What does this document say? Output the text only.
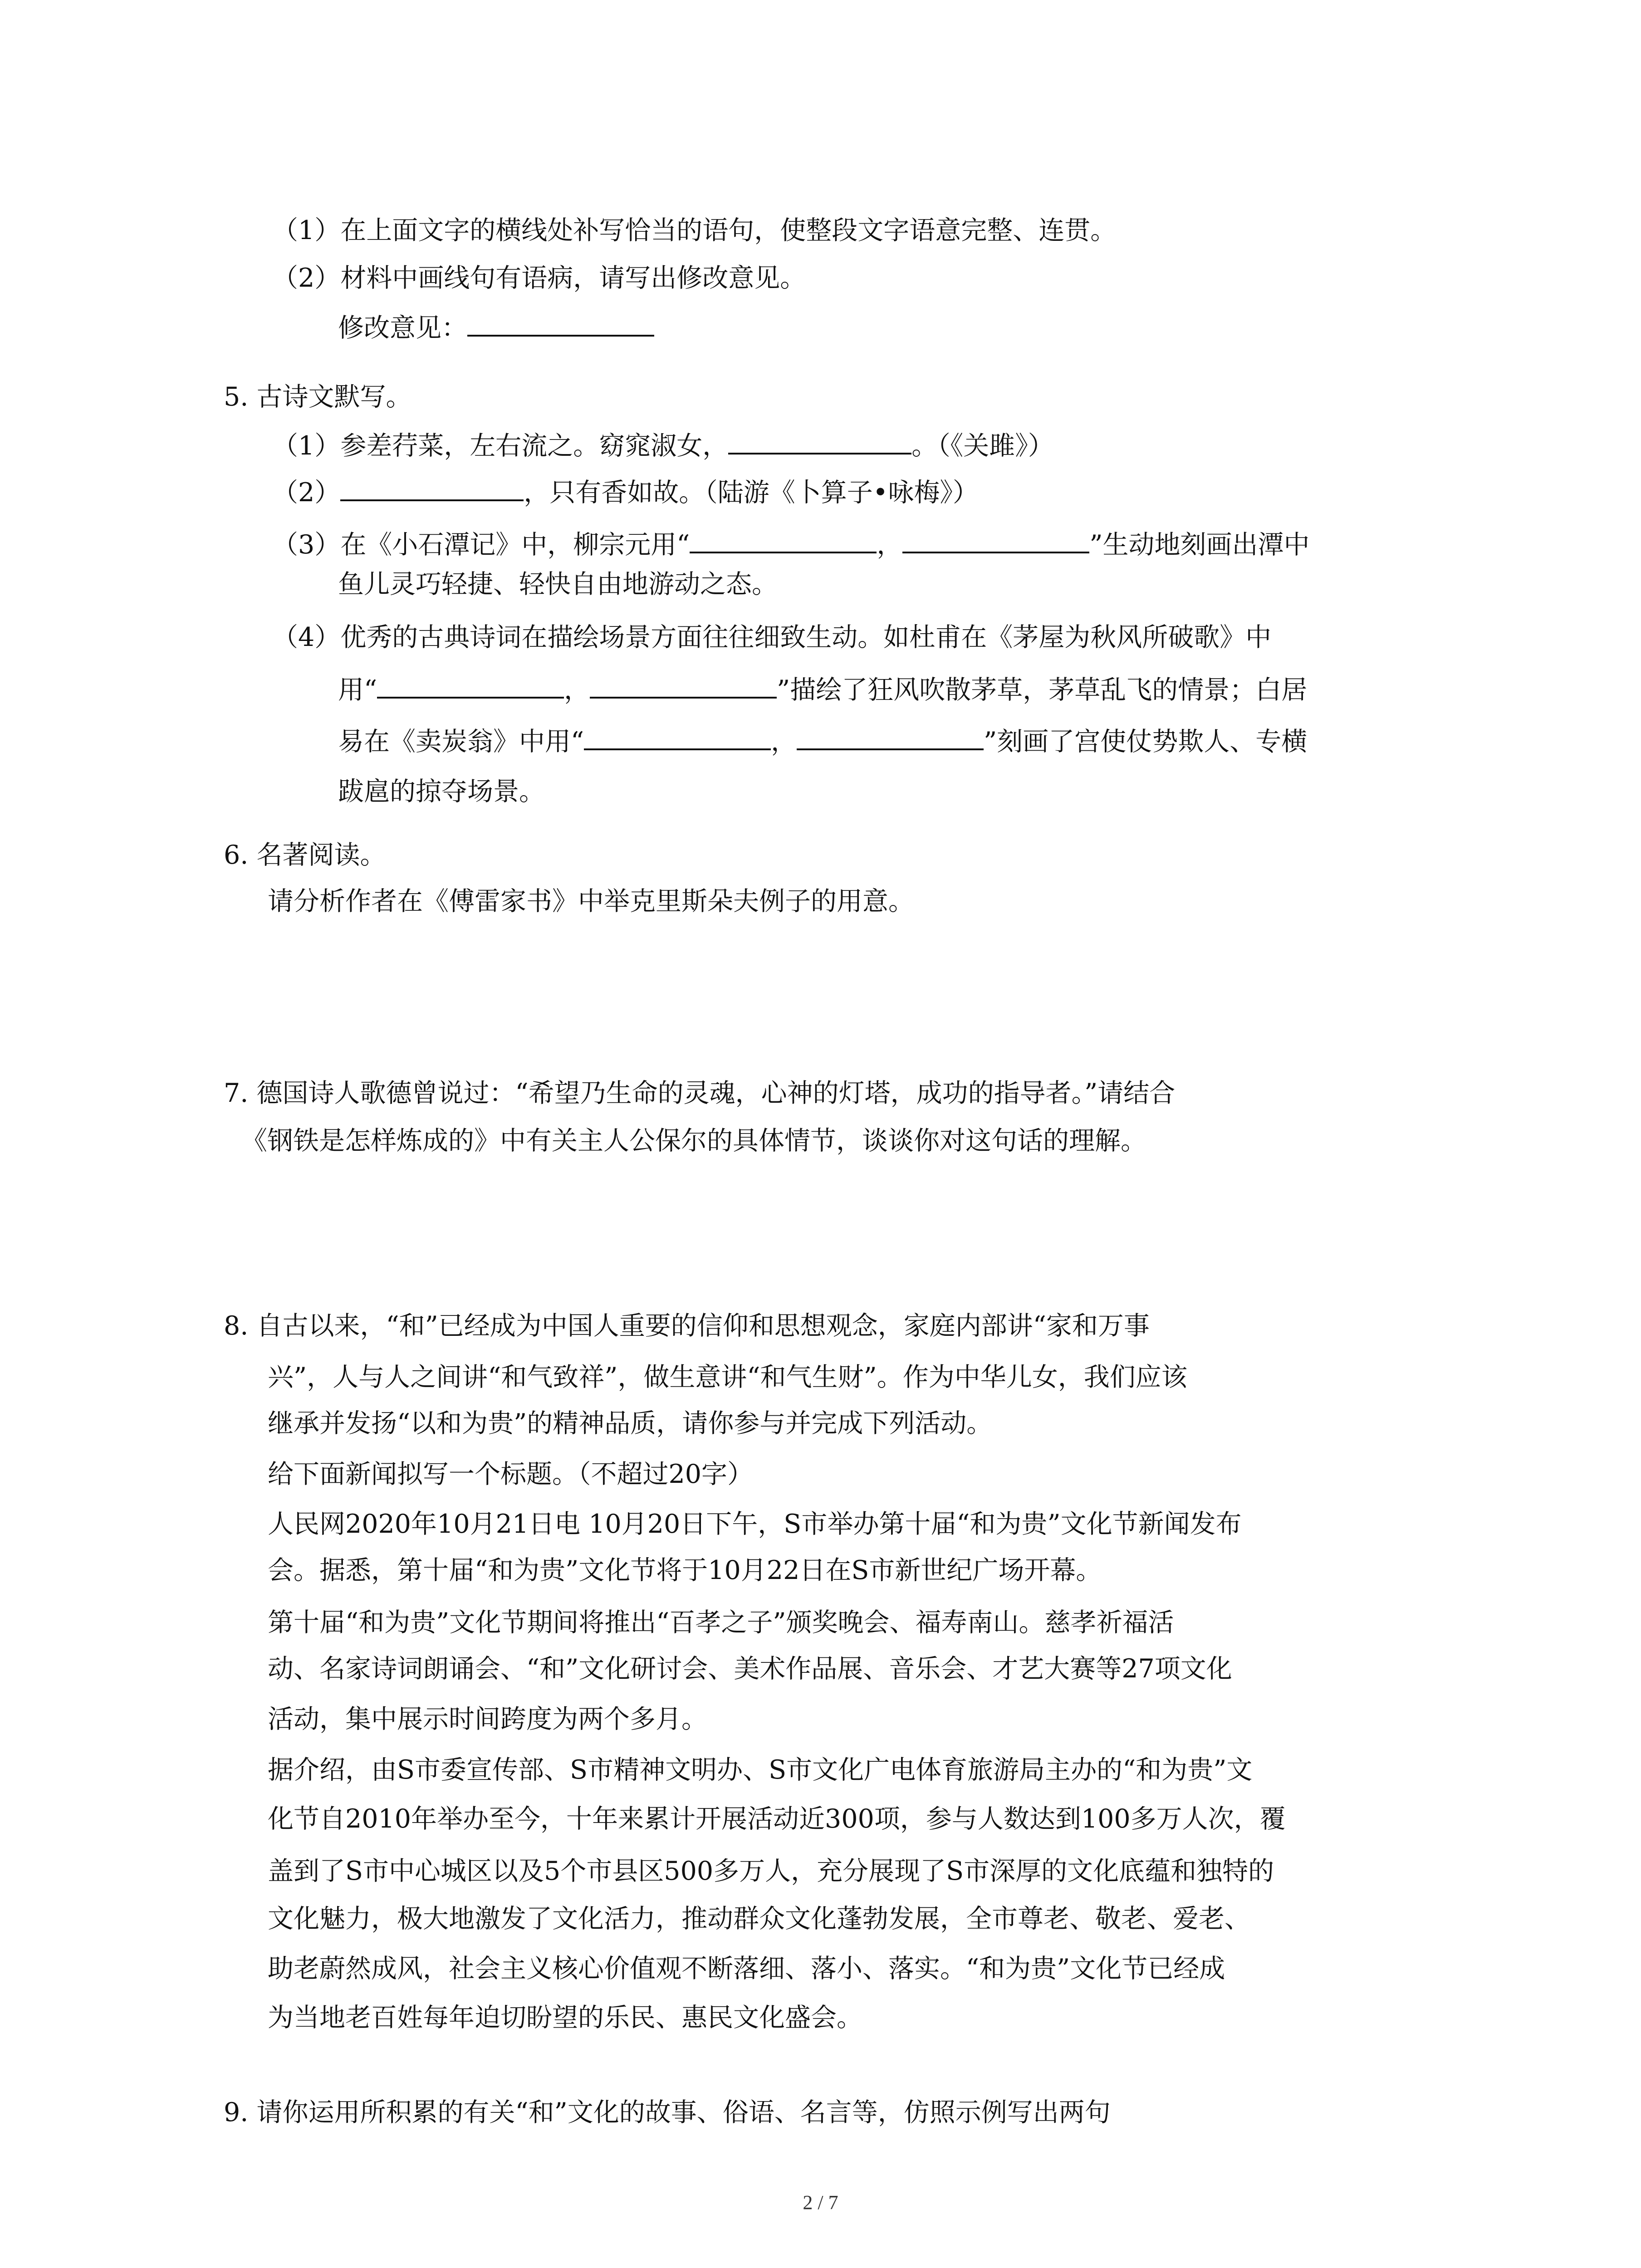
（1）在上面文字的横线处补写恰当的语句，使整段文字语意完整、连贯。
（2）材料中画线句有语病，请写出修改意见。
修改意见：
5. 古诗文默写。
（1）参差荇菜，左右流之。窈窕淑女，	。（《关雎》）
（2）	，只有香如故。（陆游《卜算子•咏梅》）
（3）在《小石潭记》中，柳宗元用“	，	”生动地刻画出潭中
鱼儿灵巧轻捷、轻快自由地游动之态。
（4）优秀的古典诗词在描绘场景方面往往细致生动。如杜甫在《茅屋为秋风所破歌》中
用“	，	”描绘了狂风吹散茅草，茅草乱飞的情景；白居
易在《卖炭翁》中用“	，	”刻画了宫使仗势欺人、专横
跋扈的掠夺场景。
6. 名著阅读。
请分析作者在《傅雷家书》中举克里斯朵夫例子的用意。
7. 德国诗人歌德曾说过：“希望乃生命的灵魂，心神的灯塔，成功的指导者。”请结合
《钢铁是怎样炼成的》中有关主人公保尔的具体情节，谈谈你对这句话的理解。
8. 自古以来，“和”已经成为中国人重要的信仰和思想观念，家庭内部讲“家和万事
兴”，人与人之间讲“和气致祥”，做生意讲“和气生财”。作为中华儿女，我们应该
继承并发扬“以和为贵”的精神品质，请你参与并完成下列活动。
给下面新闻拟写一个标题。（不超过20字）
人民网2020年10月21日电 10月20日下午，S市举办第十届“和为贵”文化节新闻发布
会。据悉，第十届“和为贵”文化节将于10月22日在S市新世纪广场开幕。
第十届“和为贵”文化节期间将推出“百孝之子”颁奖晚会、福寿南山。慈孝祈福活
动、名家诗词朗诵会、“和”文化研讨会、美术作品展、音乐会、才艺大赛等27项文化
活动，集中展示时间跨度为两个多月。
据介绍，由S市委宣传部、S市精神文明办、S市文化广电体育旅游局主办的“和为贵”文
化节自2010年举办至今，十年来累计开展活动近300项，参与人数达到100多万人次，覆
盖到了S市中心城区以及5个市县区500多万人，充分展现了S市深厚的文化底蕴和独特的
文化魅力，极大地激发了文化活力，推动群众文化蓬勃发展，全市尊老、敬老、爱老、
助老蔚然成风，社会主义核心价值观不断落细、落小、落实。“和为贵”文化节已经成
为当地老百姓每年迫切盼望的乐民、惠民文化盛会。
9. 请你运用所积累的有关“和”文化的故事、俗语、名言等，仿照示例写出两句
2 / 7
